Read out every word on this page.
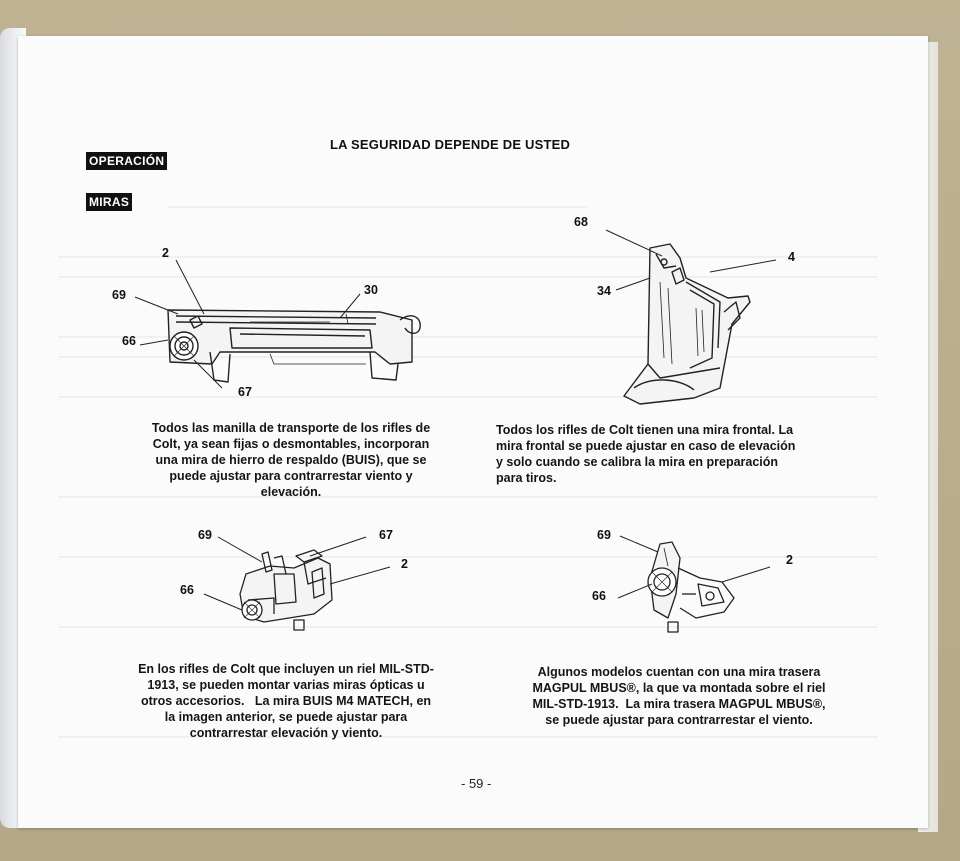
LA SEGURIDAD DEPENDE DE USTED
OPERACIÓN
MIRAS
2
69	30
66
67
68
4
34
69	67
2
66
69
2
66
Todos las manilla de transporte de los rifles de
Colt, ya sean fijas o desmontables, incorporan
una mira de hierro de respaldo (BUIS), que se
puede ajustar para contrarrestar viento y
elevación.
Todos los rifles de Colt tienen una mira frontal. La
mira frontal se puede ajustar en caso de elevación
y solo cuando se calibra la mira en preparación
para tiros.
En los rifles de Colt que incluyen un riel MIL-STD-
1913, se pueden montar varias miras ópticas u
otros accesorios.   La mira BUIS M4 MATECH, en
la imagen anterior, se puede ajustar para
contrarrestar elevación y viento.
Algunos modelos cuentan con una mira trasera
MAGPUL MBUS®, la que va montada sobre el riel
MIL-STD-1913.  La mira trasera MAGPUL MBUS®,
se puede ajustar para contrarrestar el viento.
- 59 -
